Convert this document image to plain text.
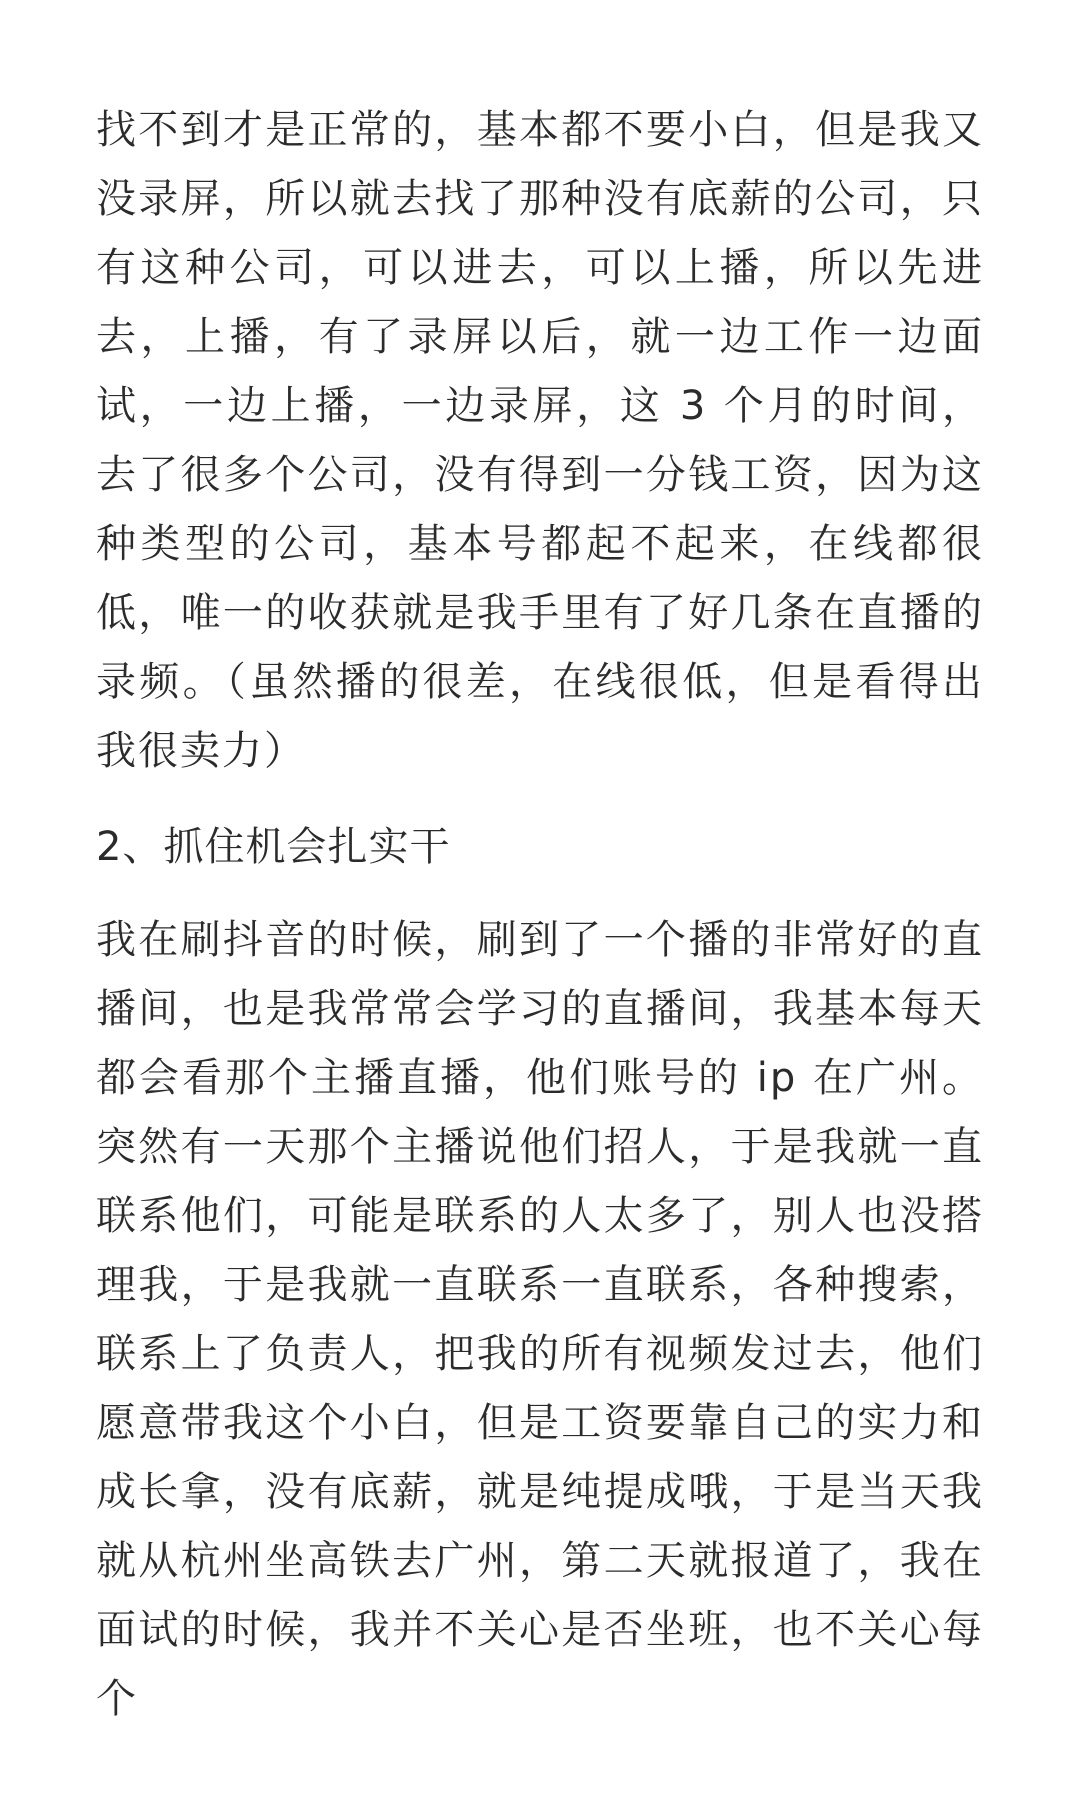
找不到才是正常的，基本都不要小白，但是我又没录屏，所以就去找了那种没有底薪的公司，只有这种公司，可以进去，可以上播，所以先进去，上播，有了录屏以后，就一边工作一边面试，一边上播，一边录屏，这 3 个月的时间，去了很多个公司，没有得到一分钱工资，因为这种类型的公司，基本号都起不起来，在线都很低，唯一的收获就是我手里有了好几条在直播的录频。（虽然播的很差，在线很低，但是看得出我很卖力）

2、抓住机会扎实干

我在刷抖音的时候，刷到了一个播的非常好的直播间，也是我常常会学习的直播间，我基本每天都会看那个主播直播，他们账号的 ip 在广州。突然有一天那个主播说他们招人，于是我就一直联系他们，可能是联系的人太多了，别人也没搭理我，于是我就一直联系一直联系，各种搜索，联系上了负责人，把我的所有视频发过去，他们愿意带我这个小白，但是工资要靠自己的实力和成长拿，没有底薪，就是纯提成哦，于是当天我就从杭州坐高铁去广州，第二天就报道了，我在面试的时候，我并不关心是否坐班，也不关心每个
